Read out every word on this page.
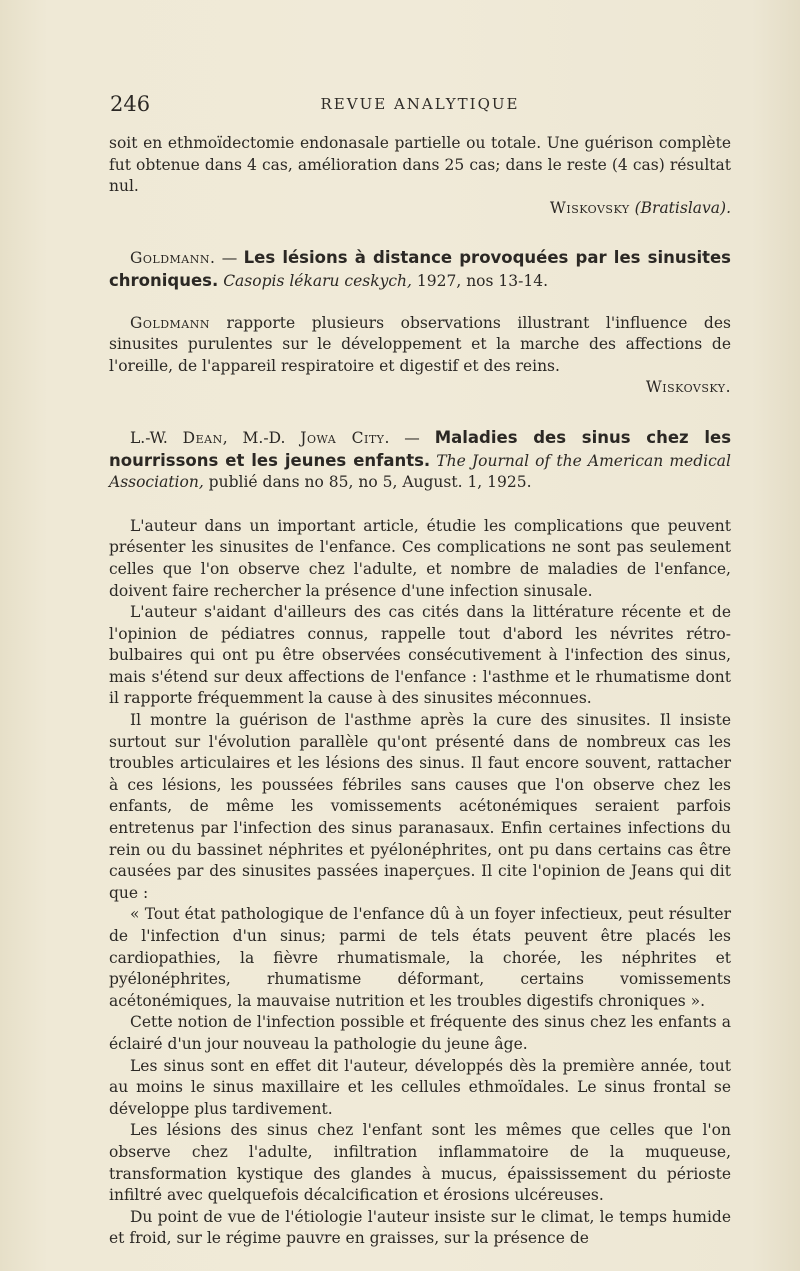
246	REVUE ANALYTIQUE

soit en ethmoïdectomie endonasale partielle ou totale. Une guérison complète fut obtenue dans 4 cas, amélioration dans 25 cas; dans le reste (4 cas) résultat nul.

Wiskovsky (Bratislava).

Goldmann. — Les lésions à distance provoquées par les sinusites chroniques. Casopis lékaru ceskych, 1927, nos 13-14.

Goldmann rapporte plusieurs observations illustrant l'influence des sinusites purulentes sur le développement et la marche des affections de l'oreille, de l'appareil respiratoire et digestif et des reins.

Wiskovsky.

L.-W. Dean, M.-D. Jowa City. — Maladies des sinus chez les nourrissons et les jeunes enfants. The Journal of the American medical Association, publié dans no 85, no 5, August. 1, 1925.

L'auteur dans un important article, étudie les complications que peuvent présenter les sinusites de l'enfance. Ces complications ne sont pas seulement celles que l'on observe chez l'adulte, et nombre de maladies de l'enfance, doivent faire rechercher la présence d'une infection sinusale.

L'auteur s'aidant d'ailleurs des cas cités dans la littérature récente et de l'opinion de pédiatres connus, rappelle tout d'abord les névrites rétro-bulbaires qui ont pu être observées consécutivement à l'infection des sinus, mais s'étend sur deux affections de l'enfance : l'asthme et le rhumatisme dont il rapporte fréquemment la cause à des sinusites méconnues.

Il montre la guérison de l'asthme après la cure des sinusites. Il insiste surtout sur l'évolution parallèle qu'ont présenté dans de nombreux cas les troubles articulaires et les lésions des sinus. Il faut encore souvent, rattacher à ces lésions, les poussées fébriles sans causes que l'on observe chez les enfants, de même les vomissements acétonémiques seraient parfois entretenus par l'infection des sinus paranasaux. Enfin certaines infections du rein ou du bassinet néphrites et pyélonéphrites, ont pu dans certains cas être causées par des sinusites passées inaperçues. Il cite l'opinion de Jeans qui dit que :

« Tout état pathologique de l'enfance dû à un foyer infectieux, peut résulter de l'infection d'un sinus; parmi de tels états peuvent être placés les cardiopathies, la fièvre rhumatismale, la chorée, les néphrites et pyélonéphrites, rhumatisme déformant, certains vomissements acétonémiques, la mauvaise nutrition et les troubles digestifs chroniques ».

Cette notion de l'infection possible et fréquente des sinus chez les enfants a éclairé d'un jour nouveau la pathologie du jeune âge.

Les sinus sont en effet dit l'auteur, développés dès la première année, tout au moins le sinus maxillaire et les cellules ethmoïdales. Le sinus frontal se développe plus tardivement.

Les lésions des sinus chez l'enfant sont les mêmes que celles que l'on observe chez l'adulte, infiltration inflammatoire de la muqueuse, transformation kystique des glandes à mucus, épaississement du périoste infiltré avec quelquefois décalcification et érosions ulcéreuses.

Du point de vue de l'étiologie l'auteur insiste sur le climat, le temps humide et froid, sur le régime pauvre en graisses, sur la présence de
